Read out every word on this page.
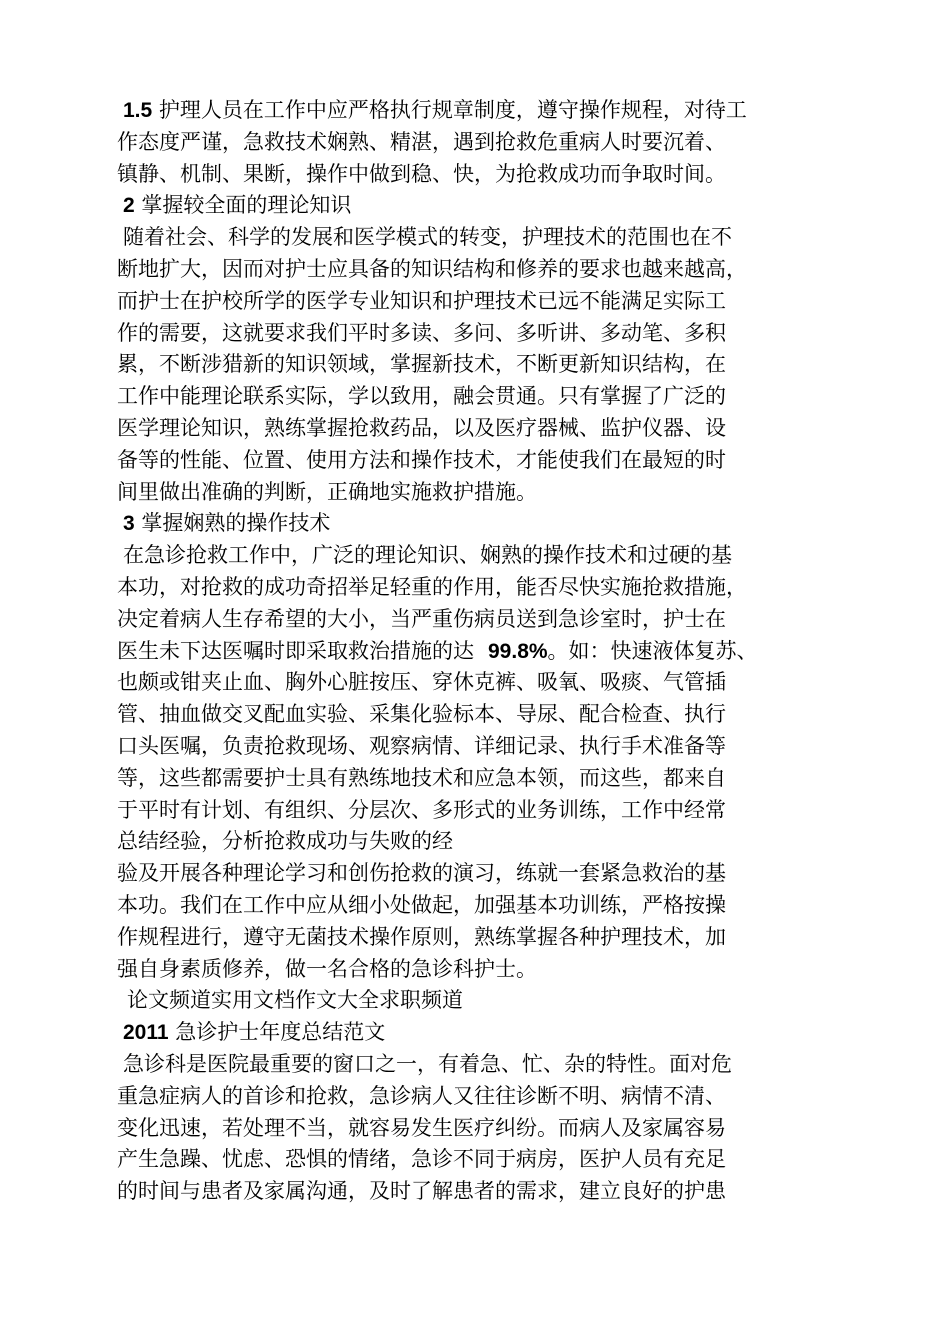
1.5 护理人员在工作中应严格执行规章制度，遵守操作规程，对待工
作态度严谨，急救技术娴熟、精湛，遇到抢救危重病人时要沉着、
镇静、机制、果断，操作中做到稳、快，为抢救成功而争取时间。
2 掌握较全面的理论知识
随着社会、科学的发展和医学模式的转变，护理技术的范围也在不
断地扩大，因而对护士应具备的知识结构和修养的要求也越来越高，
而护士在护校所学的医学专业知识和护理技术已远不能满足实际工
作的需要，这就要求我们平时多读、多问、多听讲、多动笔、多积
累，不断涉猎新的知识领域，掌握新技术，不断更新知识结构，在
工作中能理论联系实际，学以致用，融会贯通。只有掌握了广泛的
医学理论知识，熟练掌握抢救药品，以及医疗器械、监护仪器、设
备等的性能、位置、使用方法和操作技术，才能使我们在最短的时
间里做出准确的判断，正确地实施救护措施。
3 掌握娴熟的操作技术
在急诊抢救工作中，广泛的理论知识、娴熟的操作技术和过硬的基
本功，对抢救的成功奇招举足轻重的作用，能否尽快实施抢救措施，
决定着病人生存希望的大小，当严重伤病员送到急诊室时，护士在
医生未下达医嘱时即采取救治措施的达 99.8%。如：快速液体复苏、
也颇或钳夹止血、胸外心脏按压、穿休克裤、吸氧、吸痰、气管插
管、抽血做交叉配血实验、采集化验标本、导尿、配合检查、执行
口头医嘱，负责抢救现场、观察病情、详细记录、执行手术准备等
等，这些都需要护士具有熟练地技术和应急本领，而这些，都来自
于平时有计划、有组织、分层次、多形式的业务训练，工作中经常
总结经验，分析抢救成功与失败的经
验及开展各种理论学习和创伤抢救的演习，练就一套紧急救治的基
本功。我们在工作中应从细小处做起，加强基本功训练，严格按操
作规程进行，遵守无菌技术操作原则，熟练掌握各种护理技术，加
强自身素质修养，做一名合格的急诊科护士。
论文频道实用文档作文大全求职频道
2011 急诊护士年度总结范文
急诊科是医院最重要的窗口之一，有着急、忙、杂的特性。面对危
重急症病人的首诊和抢救，急诊病人又往往诊断不明、病情不清、
变化迅速，若处理不当，就容易发生医疗纠纷。而病人及家属容易
产生急躁、忧虑、恐惧的情绪，急诊不同于病房，医护人员有充足
的时间与患者及家属沟通，及时了解患者的需求，建立良好的护患
